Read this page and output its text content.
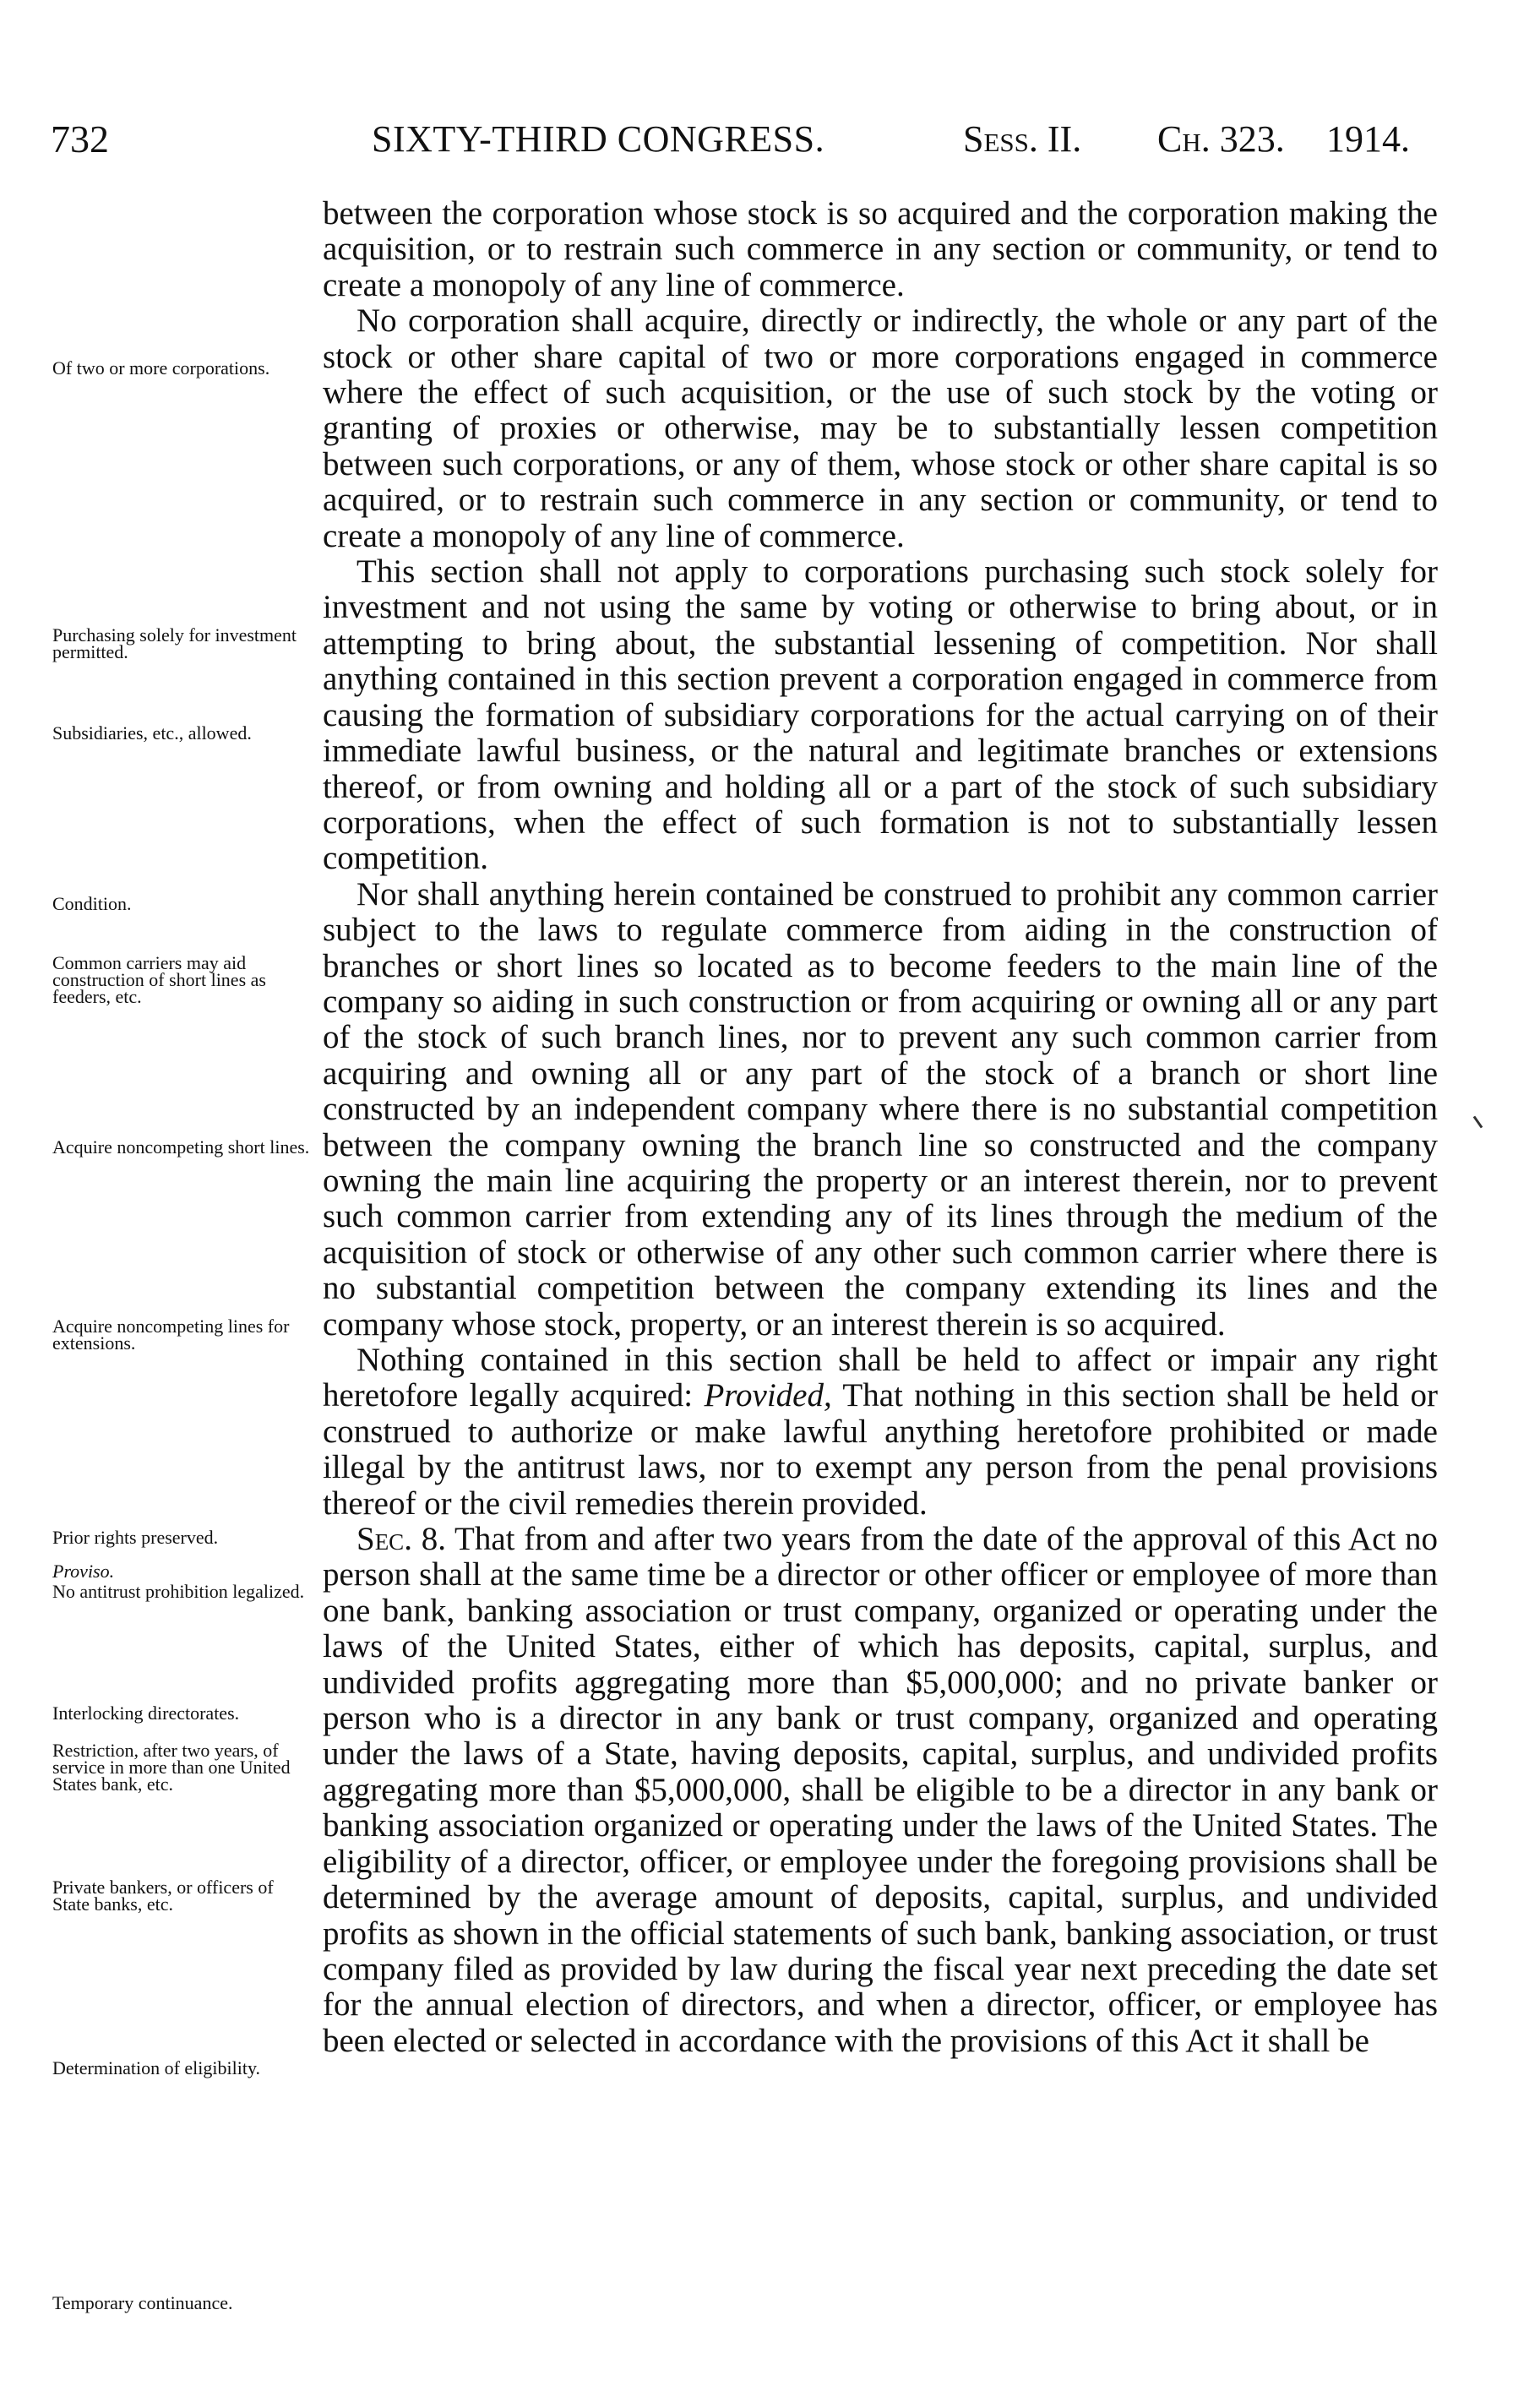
732	SIXTY-THIRD CONGRESS.	Sess. II. Ch. 323. 1914.

between the corporation whose stock is so acquired and the corporation making the acquisition, or to restrain such commerce in any section or community, or tend to create a monopoly of any line of commerce.

No corporation shall acquire, directly or indirectly, the whole or any part of the stock or other share capital of two or more corporations engaged in commerce where the effect of such acquisition, or the use of such stock by the voting or granting of proxies or otherwise, may be to substantially lessen competition between such corporations, or any of them, whose stock or other share capital is so acquired, or to restrain such commerce in any section or community, or tend to create a monopoly of any line of commerce.

This section shall not apply to corporations purchasing such stock solely for investment and not using the same by voting or otherwise to bring about, or in attempting to bring about, the substantial lessening of competition. Nor shall anything contained in this section prevent a corporation engaged in commerce from causing the formation of subsidiary corporations for the actual carrying on of their immediate lawful business, or the natural and legitimate branches or extensions thereof, or from owning and holding all or a part of the stock of such subsidiary corporations, when the effect of such formation is not to substantially lessen competition.

Nor shall anything herein contained be construed to prohibit any common carrier subject to the laws to regulate commerce from aiding in the construction of branches or short lines so located as to become feeders to the main line of the company so aiding in such construction or from acquiring or owning all or any part of the stock of such branch lines, nor to prevent any such common carrier from acquiring and owning all or any part of the stock of a branch or short line constructed by an independent company where there is no substantial competition between the company owning the branch line so constructed and the company owning the main line acquiring the property or an interest therein, nor to prevent such common carrier from extending any of its lines through the medium of the acquisition of stock or otherwise of any other such common carrier where there is no substantial competition between the company extending its lines and the company whose stock, property, or an interest therein is so acquired.

Nothing contained in this section shall be held to affect or impair any right heretofore legally acquired: Provided, That nothing in this section shall be held or construed to authorize or make lawful anything heretofore prohibited or made illegal by the antitrust laws, nor to exempt any person from the penal provisions thereof or the civil remedies therein provided.

Sec. 8. That from and after two years from the date of the approval of this Act no person shall at the same time be a director or other officer or employee of more than one bank, banking association or trust company, organized or operating under the laws of the United States, either of which has deposits, capital, surplus, and undivided profits aggregating more than $5,000,000; and no private banker or person who is a director in any bank or trust company, organized and operating under the laws of a State, having deposits, capital, surplus, and undivided profits aggregating more than $5,000,000, shall be eligible to be a director in any bank or banking association organized or operating under the laws of the United States. The eligibility of a director, officer, or employee under the foregoing provisions shall be determined by the average amount of deposits, capital, surplus, and undivided profits as shown in the official statements of such bank, banking association, or trust company filed as provided by law during the fiscal year next preceding the date set for the annual election of directors, and when a director, officer, or employee has been elected or selected in accordance with the provisions of this Act it shall be

Of two or more corporations.
Purchasing solely for investment permitted.
Subsidiaries, etc., allowed.
Condition.
Common carriers may aid construction of short lines as feeders, etc.
Acquire noncompeting short lines.
Acquire noncompeting lines for extensions.
Prior rights preserved.
Proviso.
No antitrust prohibition legalized.
Interlocking directorates.
Restriction, after two years, of service in more than one United States bank, etc.
Private bankers, or officers of State banks, etc.
Determination of eligibility.
Temporary continuance.
